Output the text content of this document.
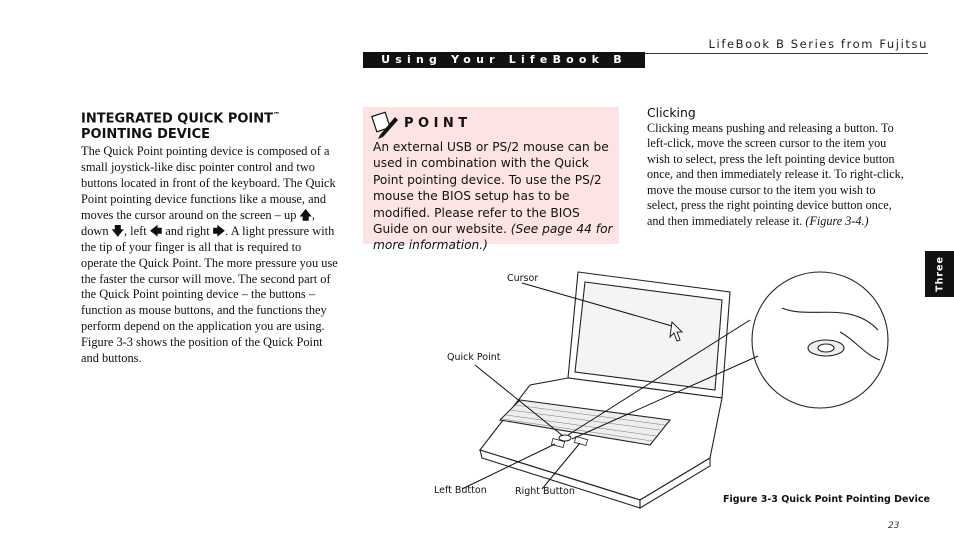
LifeBook B Series from Fujitsu
Using Your LifeBook B Series
INTEGRATED QUICK POINT™
POINTING DEVICE
The Quick Point pointing device is composed of a small joystick-like disc pointer control and two buttons located in front of the keyboard. The Quick Point pointing device functions like a mouse, and moves the cursor around on the screen – up 🡅, down 🡇, left 🡄 and right 🡆. A light pressure with the tip of your finger is all that is required to operate the Quick Point. The more pressure you use the faster the cursor will move. The second part of the Quick Point pointing device – the buttons – function as mouse buttons, and the functions they perform depend on the application you are using. Figure 3-3 shows the position of the Quick Point and buttons.
POINT
An external USB or PS/2 mouse can be used in combination with the Quick Point pointing device. To use the PS/2 mouse the BIOS setup has to be modified. Please refer to the BIOS Guide on our website. (See page 44 for more information.)
Clicking
Clicking means pushing and releasing a button. To left-click, move the screen cursor to the item you wish to select, press the left pointing device button once, and then immediately release it. To right-click, move the mouse cursor to the item you wish to select, press the right pointing device button once, and then immediately release it. (Figure 3-4.)
Three
Cursor
Quick Point
Left Button	Right Button
Figure 3-3 Quick Point Pointing Device
23
